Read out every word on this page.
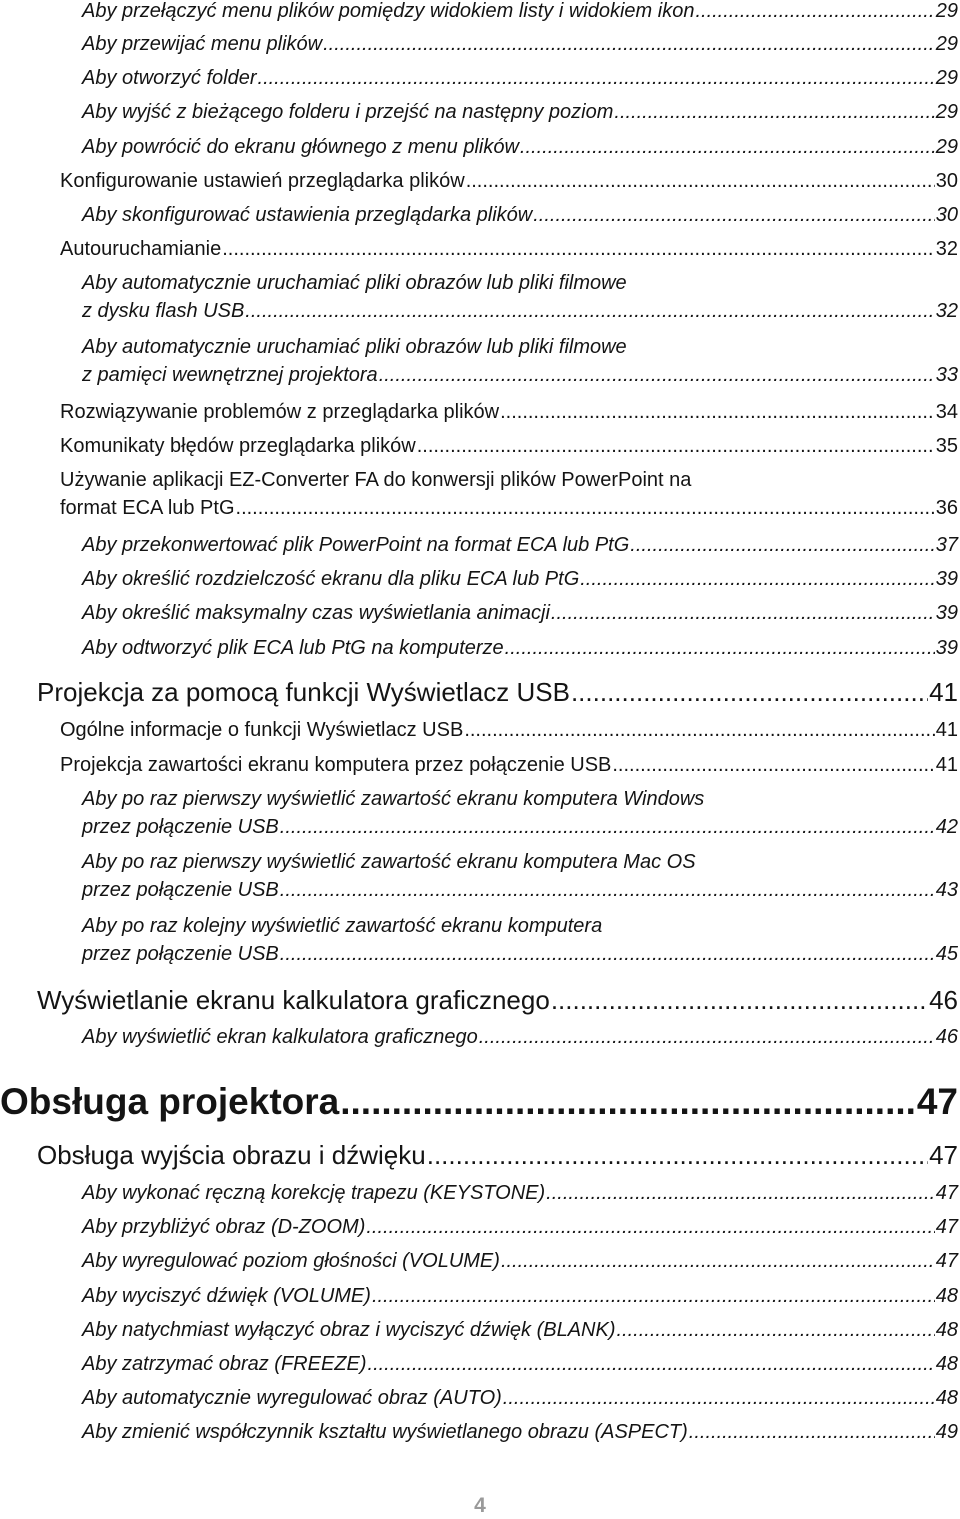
Aby przełączyć menu plików pomiędzy widokiem listy i widokiem ikon .....	29
Aby przewijać menu plików .....	29
Aby otworzyć folder .....	29
Aby wyjść z bieżącego folderu i przejść na następny poziom .....	29
Aby powrócić do ekranu głównego z menu plików .....	29
Konfigurowanie ustawień przeglądarka plików .....	30
Aby skonfigurować ustawienia przeglądarka plików .....	30
Autouruchamianie .....	32
Aby automatycznie uruchamiać pliki obrazów lub pliki filmowe
z dysku flash USB .....	32
Aby automatycznie uruchamiać pliki obrazów lub pliki filmowe
z pamięci wewnętrznej projektora .....	33
Rozwiązywanie problemów z przeglądarka plików .....	34
Komunikaty błędów przeglądarka plików .....	35
Używanie aplikacji EZ-Converter FA do konwersji plików PowerPoint na
format ECA lub PtG .....	36
Aby przekonwertować plik PowerPoint na format ECA lub PtG .....	37
Aby określić rozdzielczość ekranu dla pliku ECA lub PtG .....	39
Aby określić maksymalny czas wyświetlania animacji .....	39
Aby odtworzyć plik ECA lub PtG na komputerze .....	39
Projekcja za pomocą funkcji Wyświetlacz USB .....	41
Ogólne informacje o funkcji Wyświetlacz USB .....	41
Projekcja zawartości ekranu komputera przez połączenie USB .....	41
Aby po raz pierwszy wyświetlić zawartość ekranu komputera Windows
przez połączenie USB .....	42
Aby po raz pierwszy wyświetlić zawartość ekranu komputera Mac OS
przez połączenie USB .....	43
Aby po raz kolejny wyświetlić zawartość ekranu komputera
przez połączenie USB .....	45
Wyświetlanie ekranu kalkulatora graficznego .....	46
Aby wyświetlić ekran kalkulatora graficznego .....	46
Obsługa projektora .....	47
Obsługa wyjścia obrazu i dźwięku .....	47
Aby wykonać ręczną korekcję trapezu (KEYSTONE) .....	47
Aby przybliżyć obraz (D-ZOOM) .....	47
Aby wyregulować poziom głośności (VOLUME) .....	47
Aby wyciszyć dźwięk (VOLUME) .....	48
Aby natychmiast wyłączyć obraz i wyciszyć dźwięk (BLANK) .....	48
Aby zatrzymać obraz (FREEZE) .....	48
Aby automatycznie wyregulować obraz (AUTO) .....	48
Aby zmienić współczynnik kształtu wyświetlanego obrazu (ASPECT) .....	49
4
